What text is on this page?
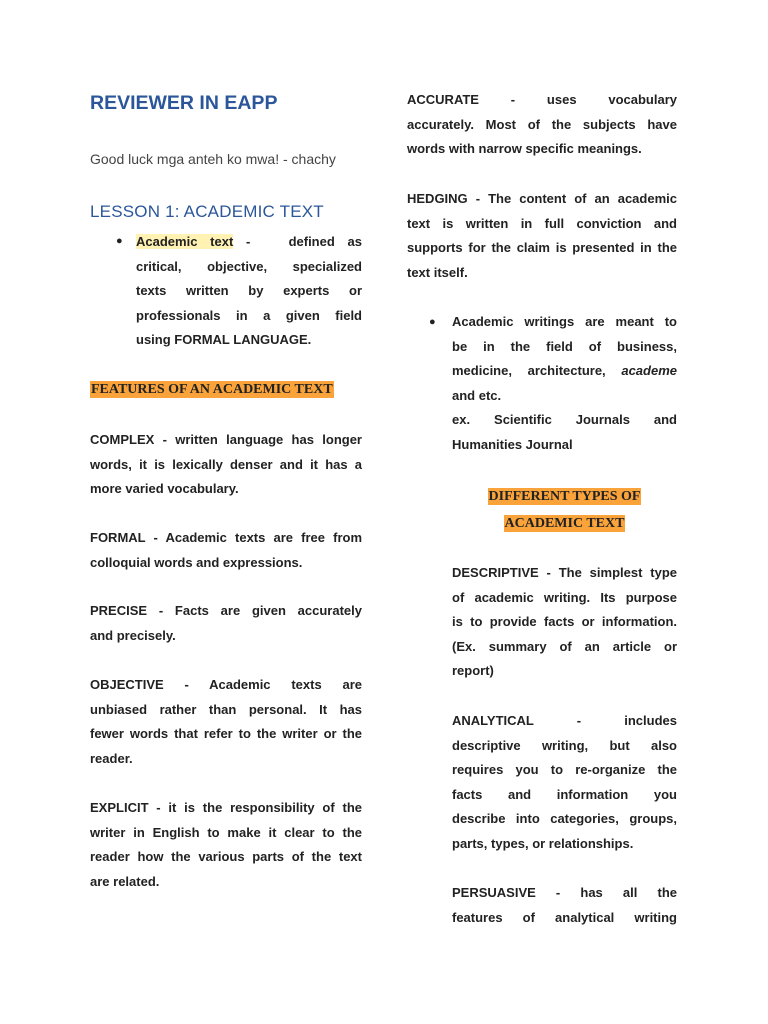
REVIEWER IN EAPP
Good luck mga anteh ko mwa! - chachy
LESSON 1: ACADEMIC TEXT
● Academic text -   defined as
critical, objective, specialized
texts written by experts or
professionals in a given field
using FORMAL LANGUAGE.
FEATURES OF AN ACADEMIC TEXT
COMPLEX - written language has longer
words, it is lexically denser and it has a
more varied vocabulary.
FORMAL - Academic texts are free from
colloquial words and expressions.
PRECISE - Facts are given accurately
and precisely.
OBJECTIVE - Academic texts are
unbiased rather than personal. It has
fewer words that refer to the writer or the
reader.
EXPLICIT - it is the responsibility of the
writer in English to make it clear to the
reader how the various parts of the text
are related.
ACCURATE - uses vocabulary
accurately. Most of the subjects have
words with narrow specific meanings.
HEDGING - The content of an academic
text is written in full conviction and
supports for the claim is presented in the
text itself.
● Academic writings are meant to
be in the field of business,
medicine, architecture, academe
and etc.
ex. Scientific Journals and
Humanities Journal
DIFFERENT TYPES OF
ACADEMIC TEXT
DESCRIPTIVE - The simplest type
of academic writing. Its purpose
is to provide facts or information.
(Ex. summary of an article or
report)
ANALYTICAL - includes
descriptive writing, but also
requires you to re-organize the
facts and information you
describe into categories, groups,
parts, types, or relationships.
PERSUASIVE - has all the
features of analytical writing
